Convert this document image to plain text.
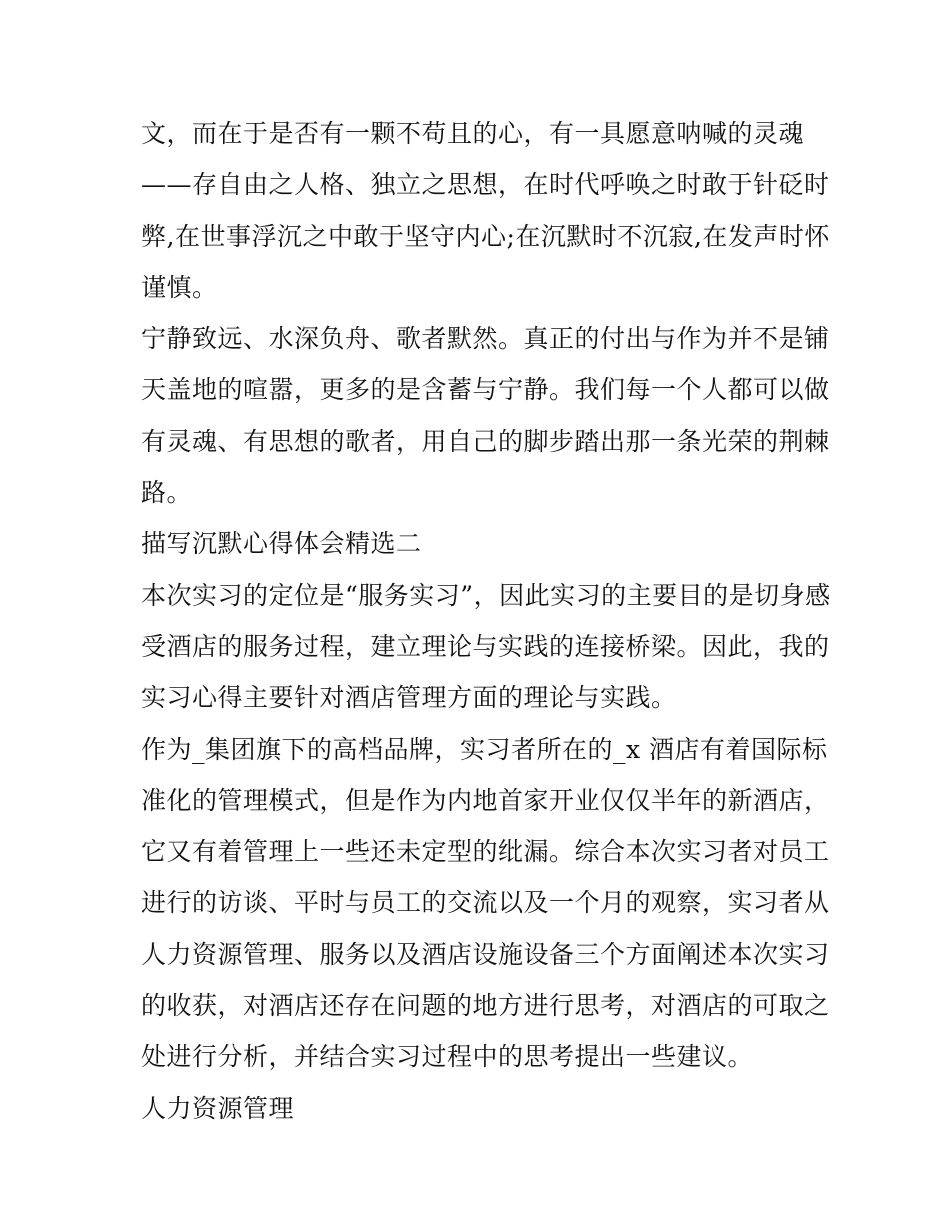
文，而在于是否有一颗不苟且的心，有一具愿意呐喊的灵魂
——存自由之人格、独立之思想，在时代呼唤之时敢于针砭时
弊,在世事浮沉之中敢于坚守内心;在沉默时不沉寂,在发声时怀
谨慎。
宁静致远、水深负舟、歌者默然。真正的付出与作为并不是铺
天盖地的喧嚣，更多的是含蓄与宁静。我们每一个人都可以做
有灵魂、有思想的歌者，用自己的脚步踏出那一条光荣的荆棘
路。
描写沉默心得体会精选二
本次实习的定位是“服务实习”，因此实习的主要目的是切身感
受酒店的服务过程，建立理论与实践的连接桥梁。因此，我的
实习心得主要针对酒店管理方面的理论与实践。
作为_集团旗下的高档品牌，实习者所在的_x 酒店有着国际标
准化的管理模式，但是作为内地首家开业仅仅半年的新酒店，
它又有着管理上一些还未定型的纰漏。综合本次实习者对员工
进行的访谈、平时与员工的交流以及一个月的观察，实习者从
人力资源管理、服务以及酒店设施设备三个方面阐述本次实习
的收获，对酒店还存在问题的地方进行思考，对酒店的可取之
处进行分析，并结合实习过程中的思考提出一些建议。
人力资源管理
